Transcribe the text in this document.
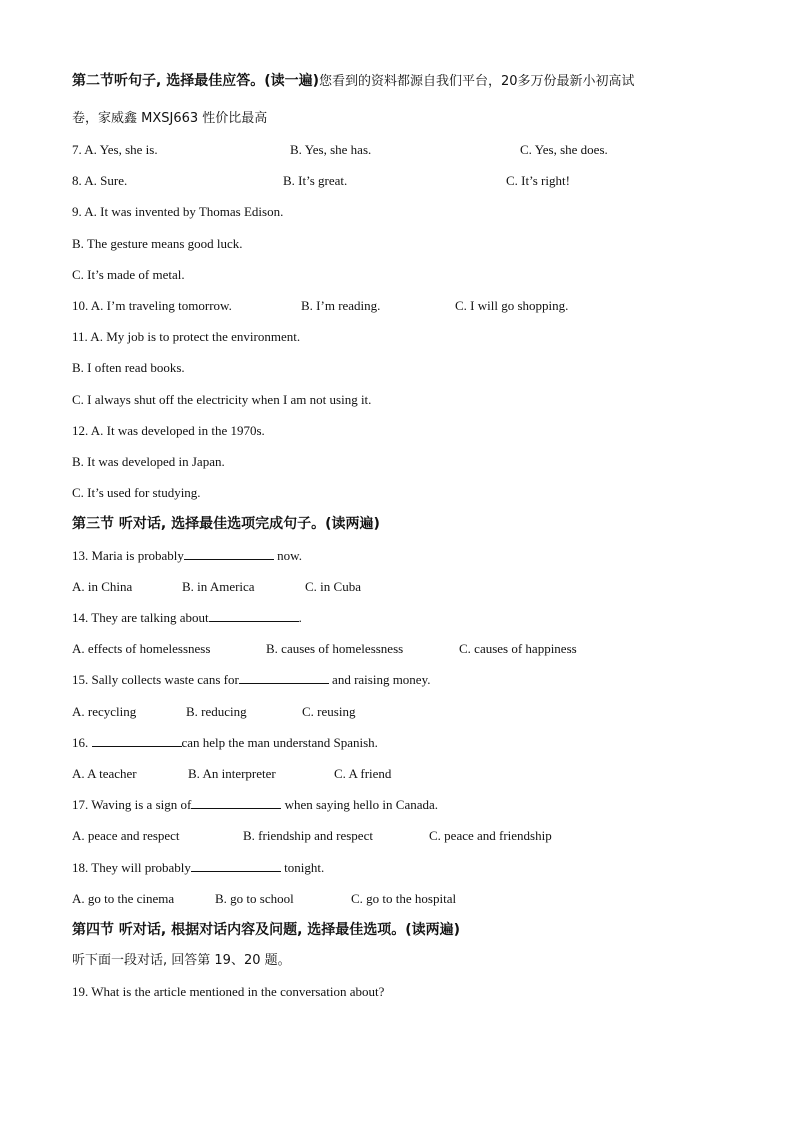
第二节听句子, 选择最佳应答。(读一遍)您看到的资料都源自我们平台，20多万份最新小初高试
卷，家威鑫 MXSJ663 性价比最高
7. A. Yes, she is.	B. Yes, she has.	C. Yes, she does.
8. A. Sure.	B. It’s great.	C. It’s right!
9. A. It was invented by Thomas Edison.
B. The gesture means good luck.
C. It’s made of metal.
10. A. I’m traveling tomorrow.	B. I’m reading.	C. I will go shopping.
11. A. My job is to protect the environment.
B. I often read books.
C. I always shut off the electricity when I am not using it.
12. A. It was developed in the 1970s.
B. It was developed in Japan.
C. It’s used for studying.
第三节 听对话, 选择最佳选项完成句子。(读两遍)
13. Maria is probably	now.
A. in China	B. in America	C. in Cuba
14. They are talking about	.
A. effects of homelessness	B. causes of homelessness	C. causes of happiness
15. Sally collects waste cans for	and raising money.
A. recycling	B. reducing	C. reusing
16.	can help the man understand Spanish.
A. A teacher	B. An interpreter	C. A friend
17. Waving is a sign of	when saying hello in Canada.
A. peace and respect	B. friendship and respect	C. peace and friendship
18. They will probably	tonight.
A. go to the cinema	B. go to school	C. go to the hospital
第四节 听对话, 根据对话内容及问题, 选择最佳选项。(读两遍)
听下面一段对话, 回答第 19、20 题。
19. What is the article mentioned in the conversation about?
